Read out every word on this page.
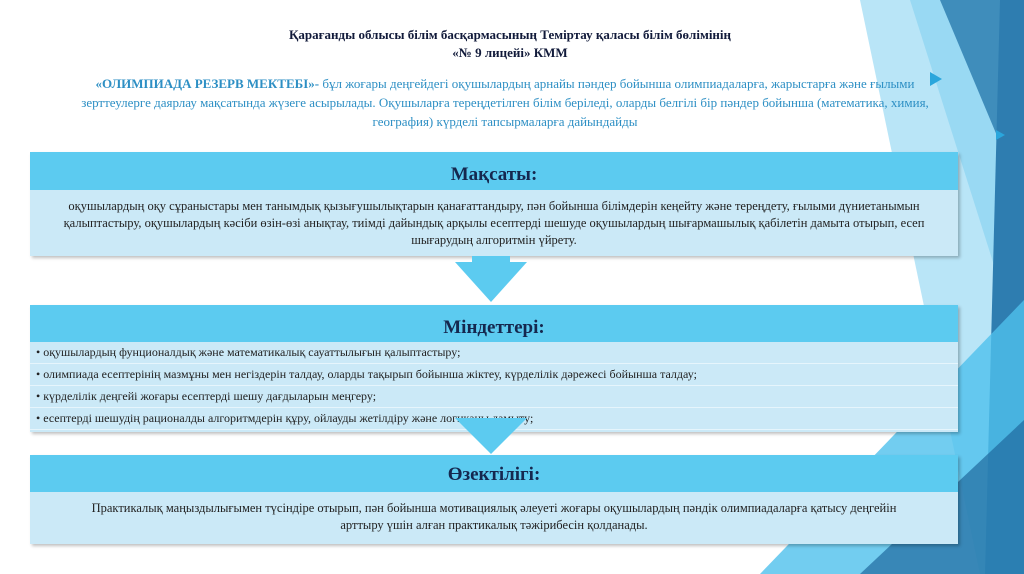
Қарағанды облысы білім басқармасының Теміртау қаласы білім бөлімінің
«№ 9 лицейі» КММ
«ОЛИМПИАДА РЕЗЕРВ МЕКТЕБІ»- бұл жоғары деңгейдегі оқушылардың арнайы пәндер бойынша олимпиадаларға, жарыстарға және ғылыми зерттеулерге даярлау мақсатында жүзеге асырылады. Оқушыларға тереңдетілген білім беріледі, оларды белгілі бір пәндер бойынша (математика, химия, география) күрделі тапсырмаларға дайындайды
Мақсаты:
оқушылардың оқу сұраныстары мен танымдық қызығушылықтарын қанағаттандыру, пән бойынша білімдерін кеңейту және тереңдету, ғылыми дүниетанымын қалыптастыру, оқушылардың кәсіби өзін-өзі анықтау, тиімді дайындық арқылы есептерді шешуде оқушылардың шығармашылық қабілетін дамыта отырып, есеп шығарудың алгоритмін үйрету.
Міндеттері:
• оқушылардың фунционалдық және математикалық сауаттылығын қалыптастыру;
• олимпиада есептерінің мазмұны мен негіздерін талдау, оларды тақырып бойынша жіктеу, күрделілік дәрежесі бойынша талдау;
• күрделілік деңгейі жоғары есептерді шешу дағдыларын меңгеру;
• есептерді шешудің рационалды алгоритмдерін құру, ойлауды жетілдіру және логиканы дамыту;
Өзектілігі:
Практикалық маңыздылығымен түсіндіре отырып, пән бойынша мотивациялық әлеуеті жоғары оқушылардың пәндік олимпиадаларға қатысу деңгейін арттыру үшін алған практикалық тәжірибесін қолданады.
